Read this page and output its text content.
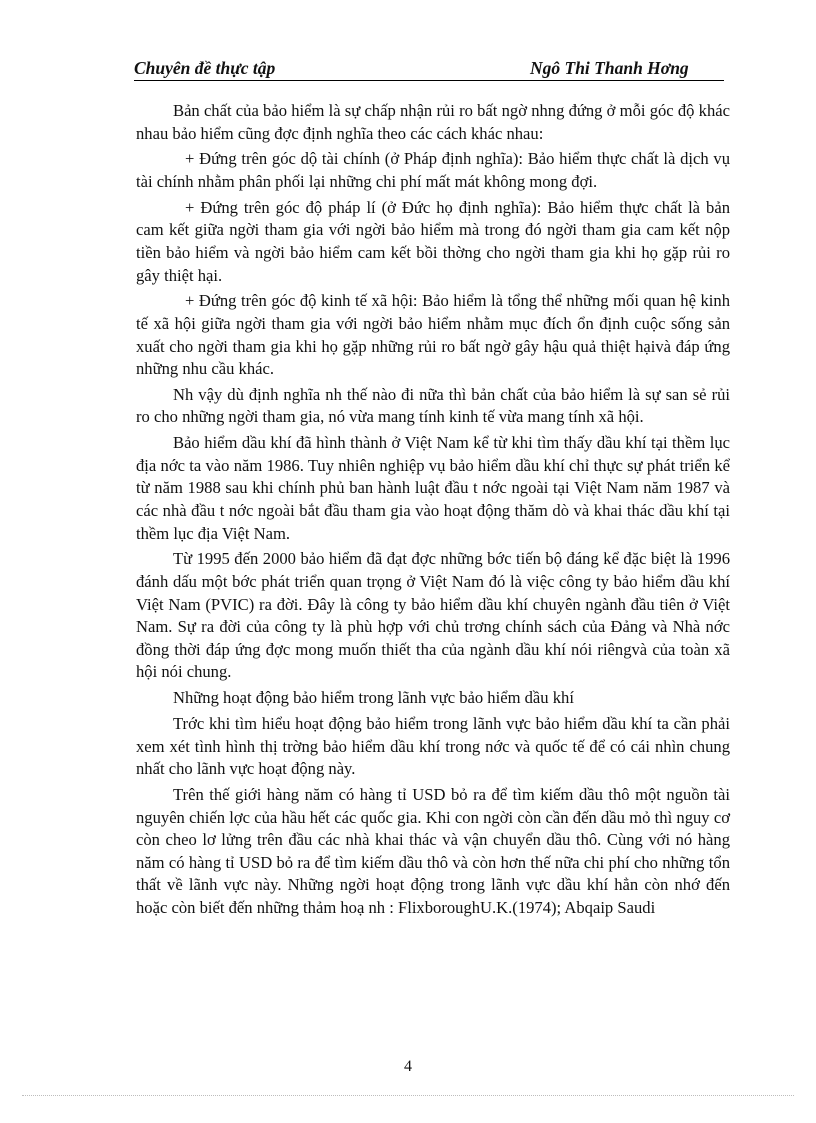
Chuyên đề thực tập	Ngô Thi Thanh Hơng

Bản chất của bảo hiểm là sự chấp nhận rủi ro bất ngờ nhng đứng ở mỗi góc độ khác nhau bảo hiểm cũng đợc định nghĩa theo các cách khác nhau:

+ Đứng trên góc dộ tài chính (ở Pháp định nghĩa): Bảo hiểm thực chất là dịch vụ tài chính nhằm phân phối lại những chi phí mất mát không mong đợi.

+ Đứng trên góc độ pháp lí (ở Đức họ định nghĩa): Bảo hiểm thực chất là bản cam kết giữa ngời tham gia với ngời bảo hiểm mà trong đó ngời tham gia cam kết nộp tiền bảo hiểm và ngời bảo hiểm cam kết bồi thờng cho ngời tham gia khi họ gặp rủi ro gây thiệt hại.

+ Đứng trên góc độ kinh tế xã hội: Bảo hiểm là tổng thể những mối quan hệ kinh tế xã hội giữa ngời tham gia với ngời bảo hiểm nhằm mục đích ổn định cuộc sống sản xuất cho ngời tham gia khi họ gặp những rủi ro bất ngờ gây hậu quả thiệt hạivà đáp ứng những nhu cầu khác.

Nh vậy dù định nghĩa nh thế nào đi nữa thì bản chất của bảo hiểm là sự san sẻ rủi ro cho những ngời tham gia, nó vừa mang tính kinh tế vừa mang tính xã hội.

Bảo hiểm dầu khí đã hình thành ở Việt Nam kể từ khi tìm thấy dầu khí tại thềm lục địa nớc ta vào năm 1986. Tuy nhiên nghiệp vụ bảo hiểm dầu khí chỉ thực sự phát triển kể từ năm 1988 sau khi chính phủ ban hành luật đầu t nớc ngoài tại Việt Nam năm 1987 và các nhà đầu t nớc ngoài bắt đầu tham gia vào hoạt động thăm dò và khai thác dầu khí tại thềm lục địa Việt Nam.

Từ 1995 đến 2000 bảo hiểm đã đạt đợc những bớc tiến bộ đáng kể đặc biệt là 1996 đánh dấu một bớc phát triển quan trọng ở Việt Nam đó là việc công ty bảo hiểm dầu khí Việt Nam (PVIC) ra đời. Đây là công ty bảo hiểm dầu khí chuyên ngành đầu tiên ở Việt Nam. Sự ra đời của công ty là phù hợp với chủ trơng chính sách của Đảng và Nhà nớc đồng thời đáp ứng đợc mong muốn thiết tha của ngành dầu khí nói riêngvà của toàn xã hội nói chung.

Những hoạt động bảo hiểm trong lãnh vực bảo hiểm dầu khí

Trớc khi tìm hiểu hoạt động bảo hiểm trong lãnh vực bảo hiểm dầu khí ta cần phải xem xét tình hình thị trờng bảo hiểm dầu khí trong nớc và quốc tế để có cái nhìn chung nhất cho lãnh vực hoạt động này.

Trên thế giới hàng năm có hàng tỉ USD bỏ ra để tìm kiếm dầu thô một nguồn tài nguyên chiến lợc của hầu hết các quốc gia. Khi con ngời còn cần đến dầu mỏ thì nguy cơ còn cheo lơ lửng trên đầu các nhà khai thác và vận chuyển dầu thô. Cùng với nó hàng năm có hàng tỉ USD bỏ ra để tìm kiếm dầu thô và còn hơn thế nữa chi phí cho những tổn thất về lãnh vực này. Những ngời hoạt động trong lãnh vực dầu khí hẳn còn nhớ đến hoặc còn biết đến những thảm hoạ nh : FlixboroughU.K.(1974); Abqaip Saudi

4
